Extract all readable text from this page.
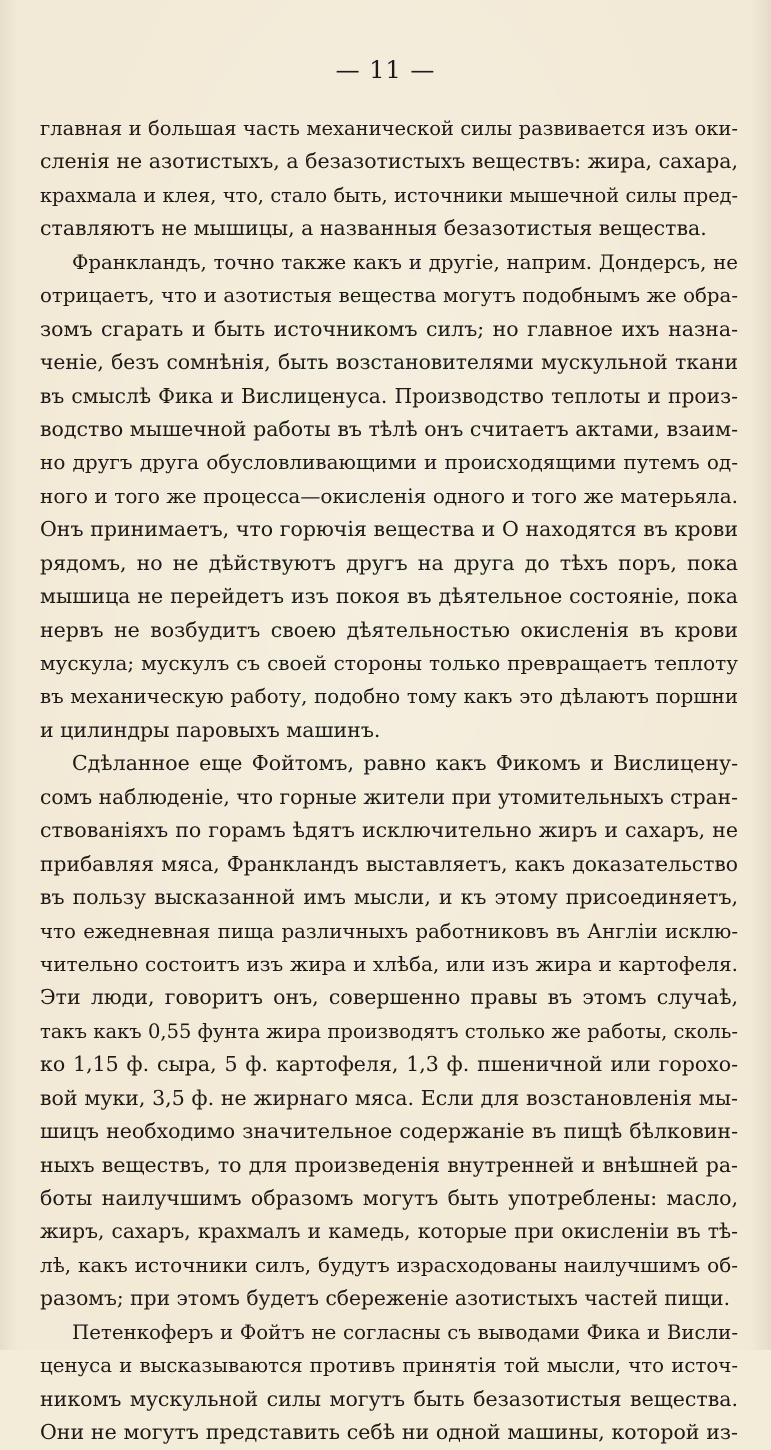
— 11 —
главная и большая часть механической силы развивается изъ оки-
сленія не азотистыхъ, а безазотистыхъ веществъ: жира, сахара,
крахмала и клея, что, стало быть, источники мышечной силы пред-
ставляютъ не мышицы, а названныя безазотистыя вещества.
Франкландъ, точно также какъ и другіе, наприм. Дондерсъ, не
отрицаетъ, что и азотистыя вещества могутъ подобнымъ же обра-
зомъ сгарать и быть источникомъ силъ; но главное ихъ назна-
ченіе, безъ сомнѣнія, быть возстановителями мускульной ткани
въ смыслѣ Фика и Вислиценуса. Производство теплоты и произ-
водство мышечной работы въ тѣлѣ онъ считаетъ актами, взаим-
но другъ друга обусловливающими и происходящими путемъ од-
ного и того же процесса—окисленія одного и того же матерьяла.
Онъ принимаетъ, что горючія вещества и О находятся въ крови
рядомъ, но не дѣйствуютъ другъ на друга до тѣхъ поръ, пока
мышица не перейдетъ изъ покоя въ дѣятельное состояніе, пока
нервъ не возбудитъ своею дѣятельностью окисленія въ крови
мускула; мускулъ съ своей стороны только превращаетъ теплоту
въ механическую работу, подобно тому какъ это дѣлаютъ поршни
и цилиндры паровыхъ машинъ.
Сдѣланное еще Фойтомъ, равно какъ Фикомъ и Вислицену-
сомъ наблюденіе, что горные жители при утомительныхъ стран-
ствованіяхъ по горамъ ѣдятъ исключительно жиръ и сахаръ, не
прибавляя мяса, Франкландъ выставляетъ, какъ доказательство
въ пользу высказанной имъ мысли, и къ этому присоединяетъ,
что ежедневная пища различныхъ работниковъ въ Англіи исклю-
чительно состоитъ изъ жира и хлѣба, или изъ жира и картофеля.
Эти люди, говоритъ онъ, совершенно правы въ этомъ случаѣ,
такъ какъ 0,55 фунта жира производятъ столько же работы, сколь-
ко 1,15 ф. сыра, 5 ф. картофеля, 1,3 ф. пшеничной или горохо-
вой муки, 3,5 ф. не жирнаго мяса. Если для возстановленія мы-
шицъ необходимо значительное содержаніе въ пищѣ бѣлковин-
ныхъ веществъ, то для произведенія внутренней и внѣшней ра-
боты наилучшимъ образомъ могутъ быть употреблены: масло,
жиръ, сахаръ, крахмалъ и камедь, которые при окисленіи въ тѣ-
лѣ, какъ источники силъ, будутъ израсходованы наилучшимъ об-
разомъ; при этомъ будетъ сбереженіе азотистыхъ частей пищи.
Петенкоферъ и Фойтъ не согласны съ выводами Фика и Висли-
ценуса и высказываются противъ принятія той мысли, что источ-
никомъ мускульной силы могутъ быть безазотистыя вещества.
Они не могутъ представить себѣ ни одной машины, которой из-
